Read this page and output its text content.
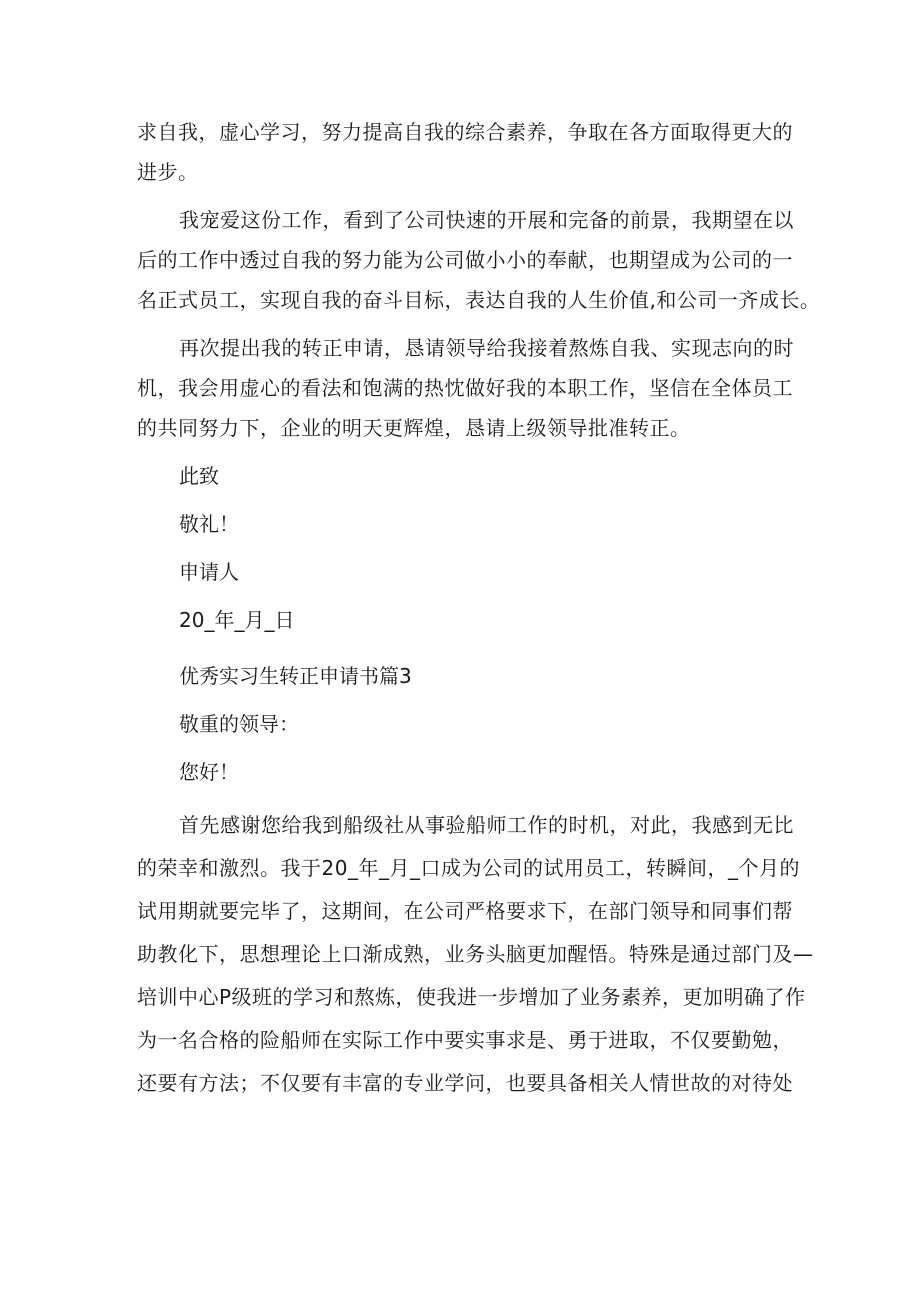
求自我，虚心学习，努力提高自我的综合素养，争取在各方面取得更大的
进步。
我宠爱这份工作，看到了公司快速的开展和完备的前景，我期望在以
后的工作中透过自我的努力能为公司做小小的奉献，也期望成为公司的一
名正式员工，实现自我的奋斗目标，表达自我的人生价值,和公司一齐成长。
再次提出我的转正申请，恳请领导给我接着熬炼自我、实现志向的时
机，我会用虚心的看法和饱满的热忱做好我的本职工作，坚信在全体员工
的共同努力下，企业的明天更辉煌，恳请上级领导批准转正。
此致
敬礼！
申请人
20_年_月_日
优秀实习生转正申请书篇3
敬重的领导：
您好！
首先感谢您给我到船级社从事验船师工作的时机，对此，我感到无比
的荣幸和激烈。我于20_年_月_口成为公司的试用员工，转瞬间，_个月的
试用期就要完毕了，这期间，在公司严格要求下，在部门领导和同事们帮
助教化下，思想理论上口渐成熟，业务头脑更加醒悟。特殊是通过部门及—
培训中心P级班的学习和熬炼，使我进一步增加了业务素养，更加明确了作
为一名合格的险船师在实际工作中要实事求是、勇于进取，不仅要勤勉，
还要有方法；不仅要有丰富的专业学问，也要具备相关人情世故的对待处
